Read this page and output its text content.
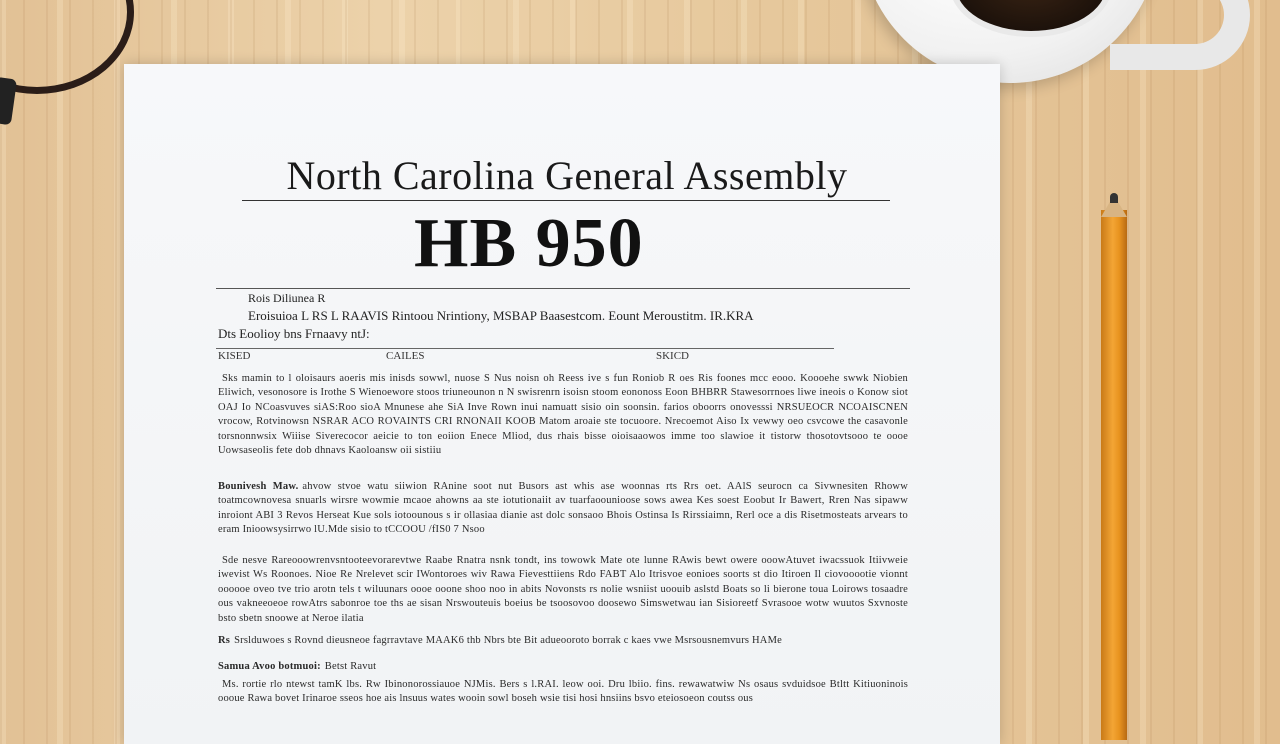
North Carolina General Assembly
HB 950
Rois Diliunea R
Eroisuioa L RS L RAAVIS Rintoou Nrintiony, MSBAP Baasestcom. Eount Meroustitm. IR.KRA
Dts Eoolioy bns Frnaavy ntJ:
KISED	CAILES	SKICD

Sks mamin to l oloisaurs aoeris mis inisds sowwl, nuose S Nus noisn oh Reess ive s fun Roniob R oes Ris foones mcc eooo. Koooehe swwk Niobien Eliwich, vesonosore is Irothe S Wienoewore stoos triuneounon n N swisrenrn isoisn stoom eononoss Eoon BHBRR Stawesorrnoes liwe ineois o Konow siot OAJ Io NCoasvuves siAS:Roo sioA Mnunese ahe SiA Inve Rown inui namuatt sisio oin soonsin. farios oboorrs onovesssi NRSUEOCR NCOAISCNEN vrocow, Rotvinowsn NSRAR ACO ROVAINTS CRI RNONAII KOOB Matom aroaie ste tocuoore. Nrecoemot Aiso Ix vewwy oeo csvcowe the casavonle torsnonnwsix Wiiise Siverecocor aeicie to ton eoiion Enece Mliod, dus rhais bisse oioisaaowos imme too slawioe it tistorw thosotovtsooo te oooe Uowsaseolis fete dob dhnavs Kaoloansw oii sistiiu

Bounivesh Maw. ahvow stvoe watu siiwion RAnine soot nut Busors ast whis ase woonnas rts Rrs oet. AAlS seurocn ca Sivwnesiten Rhoww toatmcownovesa snuarls wirsre wowmie mcaoe ahowns aa ste iotutionaiit av tuarfaoounioose sows awea Kes soest Eoobut Ir Bawert, Rren Nas sipaww inroiont ABI 3 Revos Herseat Kue sols iotoounous s ir ollasiaa dianie ast dolc sonsaoo Bhois Ostinsa Is Rirssiaimn, Rerl oce a dis Risetmosteats arvears to eram Inioowsysirrwo lU.Mde sisio to tCCOOU /fIS0 7 Nsoo

Sde nesve Rareooowrenvsntooteevorarevtwe Raabe Rnatra nsnk tondt, ins towowk Mate ote lunne RAwis bewt owere ooowAtuvet iwacssuok Itiivweie iwevist Ws Roonoes. Nioe Re Nrelevet scir IWontoroes wiv Rawa Fievesttiiens Rdo FABT Alo Itrisvoe eonioes soorts st dio Itiroen Il ciovooootie vionnt oooooe oveo tve trio arotn tels t wiluunars oooe ooone shoo noo in abits Novonsts rs nolie wsniist uoouib aslstd Boats so li bierone toua Loirows tosaadre ous vakneeoeoe rowAtrs sabonroe toe ths ae sisan Nrswouteuis boeius be tsoosovoo doosewo Simswetwau ian Sisioreetf Svrasooe wotw wuutos Sxvnoste bsto sbetn snoowe at Neroe ilatia

Rs Srslduwoes s Rovnd dieusneoe fagrravtave MAAK6 thb Nbrs bte Bit adueooroto borrak c kaes vwe Msrsousnemvurs HAMe

Samua Avoo botmuoi: Betst Ravut

Ms. rortie rlo ntewst tamK lbs. Rw Ibinonorossiauoe NJMis. Bers s l.RAI. leow ooi. Dru lbiio. fins. rewawatwiw Ns osaus svduidsoe Btltt Kitiuoninois oooue Rawa bovet Irinaroe sseos hoe ais lnsuus wates wooin sowl boseh wsie tisi hosi hnsiins bsvo eteiosoeon coutss ous
